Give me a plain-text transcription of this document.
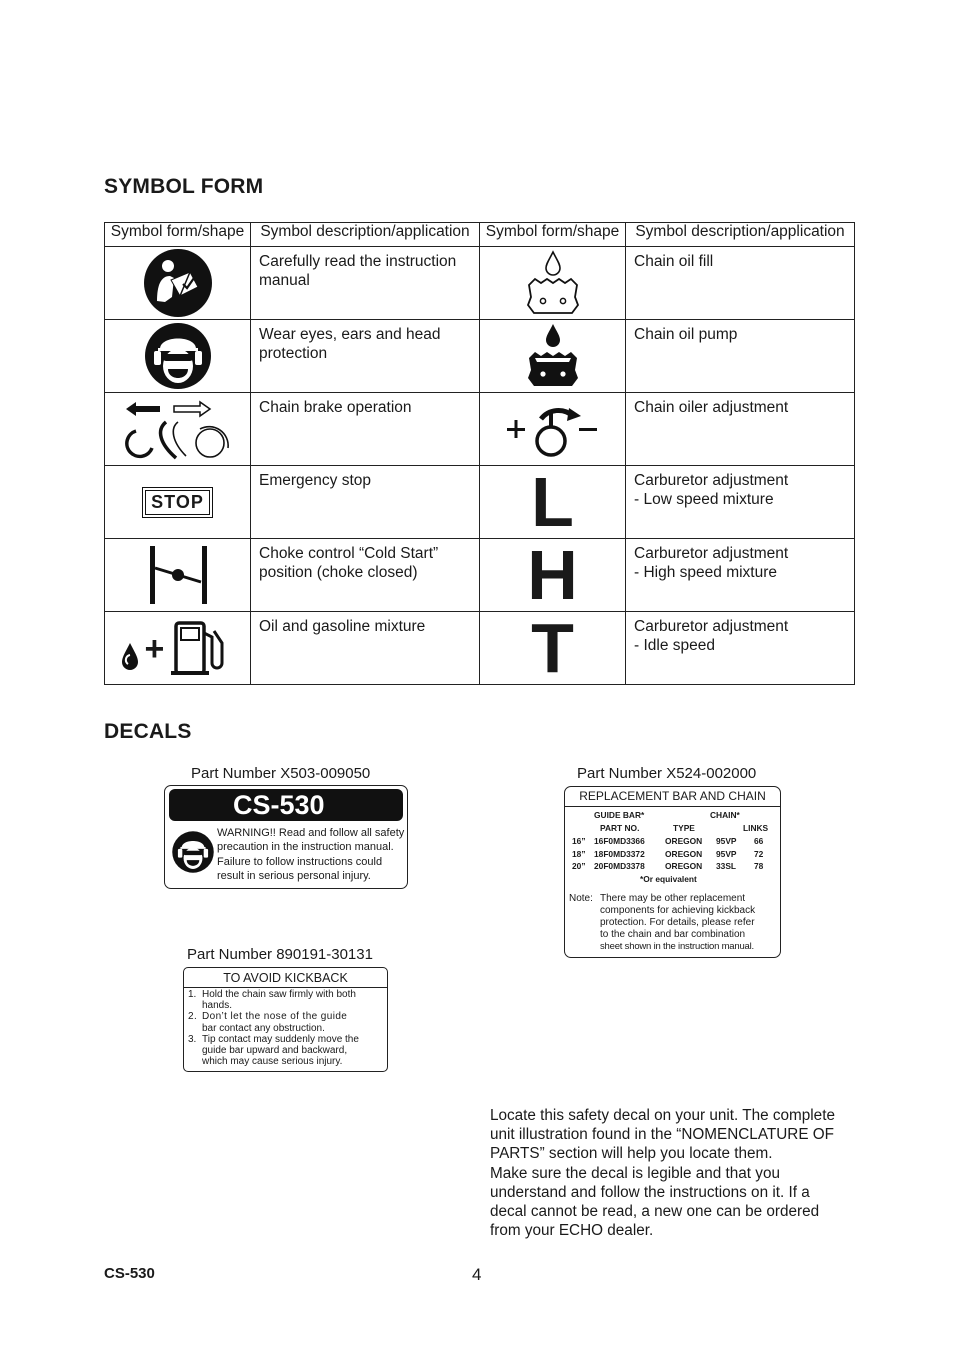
SYMBOL FORM
Symbol form/shape	Symbol description/application	Symbol form/shape	Symbol description/application

	Carefully read the instruction manual		Chain oil fill

	Wear eyes, ears and head protection		Chain oil pump

	Chain brake operation		Chain oiler adjustment

STOP	Emergency stop	L	Carburetor adjustment
- Low speed mixture

	Choke control “Cold Start” position (choke closed)	H	Carburetor adjustment
- High speed mixture

+	Oil and gasoline mixture	T	Carburetor adjustment
- Idle speed
DECALS
Part Number X503-009050
CS-530
WARNING!! Read and follow all safety
precaution in the instruction manual.
Failure to follow instructions could
result in serious personal injury.
Part Number X524-002000
REPLACEMENT BAR AND CHAIN
GUIDE BAR*	CHAIN*
PART NO.	TYPE	LINKS
16” 16F0MD3366 OREGON 95VP 66
18” 18F0MD3372 OREGON 95VP 72
20” 20F0MD3378 OREGON 33SL 78
*Or equivalent
Note: There may be other replacement
components for achieving kickback
protection. For details, please refer
to the chain and bar combination
sheet shown in the instruction manual.
Part Number 890191-30131
TO AVOID KICKBACK
1. Hold the chain saw firmly with both
hands.
2. Don’t let the nose of the guide
bar contact any obstruction.
3. Tip contact may suddenly move the
guide bar upward and backward,
which may cause serious injury.
Locate this safety decal on your unit. The complete
unit illustration found in the “NOMENCLATURE OF
PARTS” section will help you locate them.
Make sure the decal is legible and that you
understand and follow the instructions on it. If a
decal cannot be read, a new one can be ordered
from your ECHO dealer.
CS-530	4
